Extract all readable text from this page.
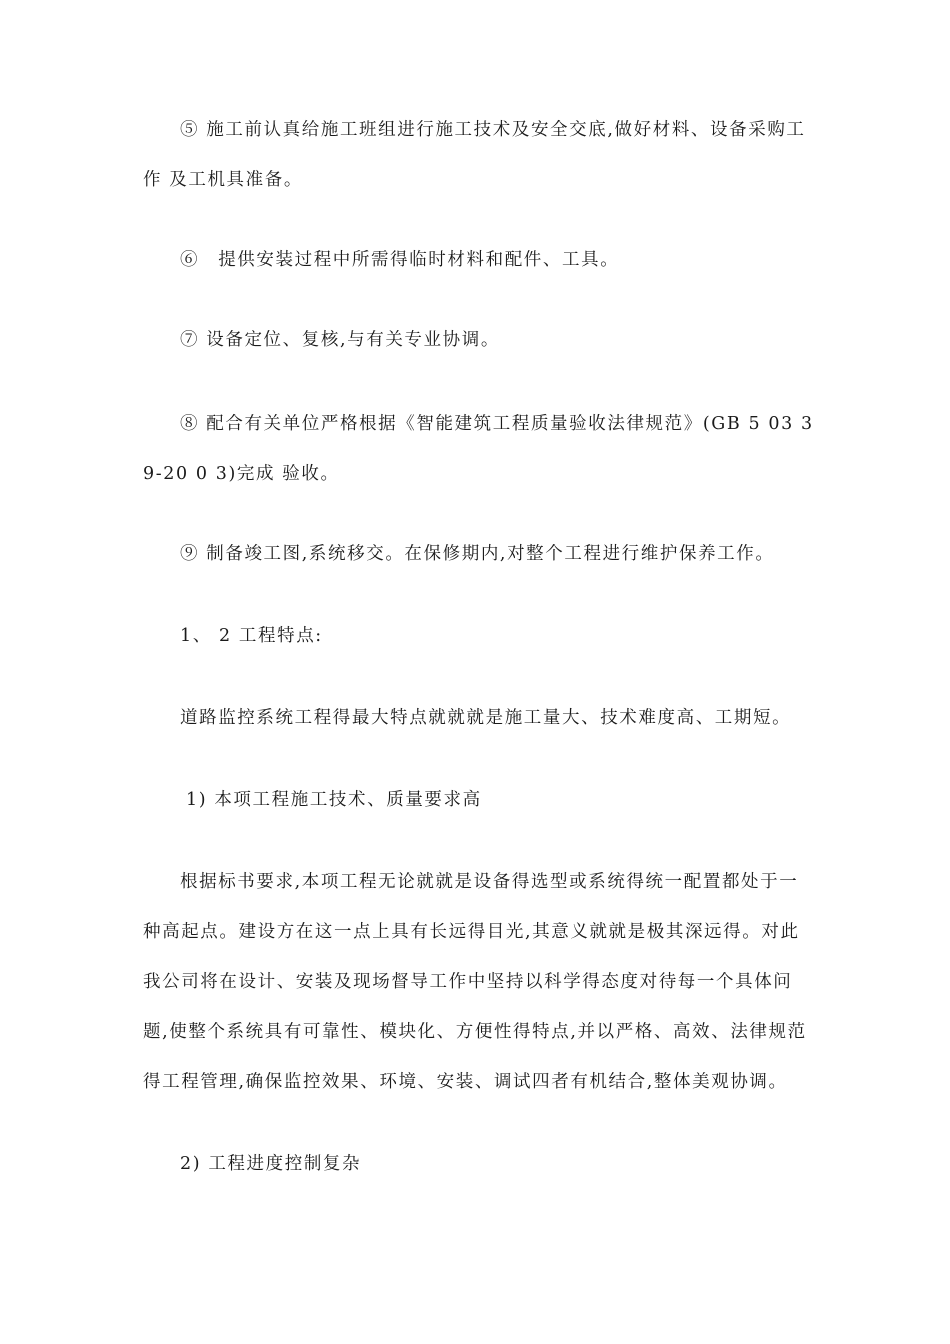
⑤ 施工前认真给施工班组进行施工技术及安全交底,做好材料、设备采购工
作 及工机具准备。
⑥　提供安装过程中所需得临时材料和配件、工具。
⑦ 设备定位、复核,与有关专业协调。
⑧ 配合有关单位严格根据《智能建筑工程质量验收法律规范》(GB 5 03 3
9-20 0 3)完成 验收。
⑨ 制备竣工图,系统移交。在保修期内,对整个工程进行维护保养工作。
1、 2 工程特点:
道路监控系统工程得最大特点就就就是施工量大、技术难度高、工期短。
1) 本项工程施工技术、质量要求高
根据标书要求,本项工程无论就就是设备得选型或系统得统一配置都处于一
种高起点。建设方在这一点上具有长远得目光,其意义就就是极其深远得。对此
我公司将在设计、安装及现场督导工作中坚持以科学得态度对待每一个具体问
题,使整个系统具有可靠性、模块化、方便性得特点,并以严格、高效、法律规范
得工程管理,确保监控效果、环境、安装、调试四者有机结合,整体美观协调。
2) 工程进度控制复杂
